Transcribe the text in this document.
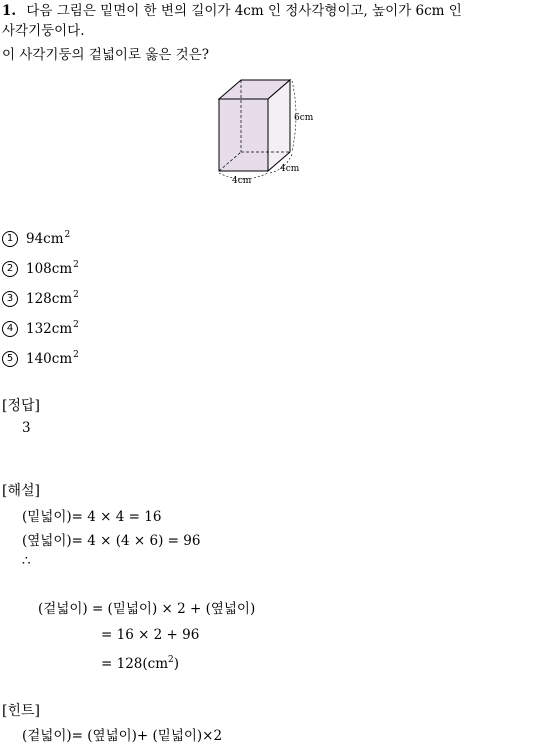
1. 다음 그림은 밑면이 한 변의 길이가 4cm 인 정사각형이고, 높이가 6cm 인
사각기둥이다.
이 사각기둥의 겉넓이로 옳은 것은?
6cm
4cm
4cm
1 $94cm^2$
2 $108cm^2$
3 $128cm^2$
4 $132cm^2$
5 $140cm^2$
[정답]
3
[해설]
(밑넓이)= 4 × 4 = 16
(옆넓이)= 4 × (4 × 6) = 96
∴
(겉넓이) = (밑넓이) × 2 + (옆넓이)
= 16 × 2 + 96
= $128(cm^2)$
[힌트]
(겉넓이)= (옆넓이)+ (밑넓이)×2
